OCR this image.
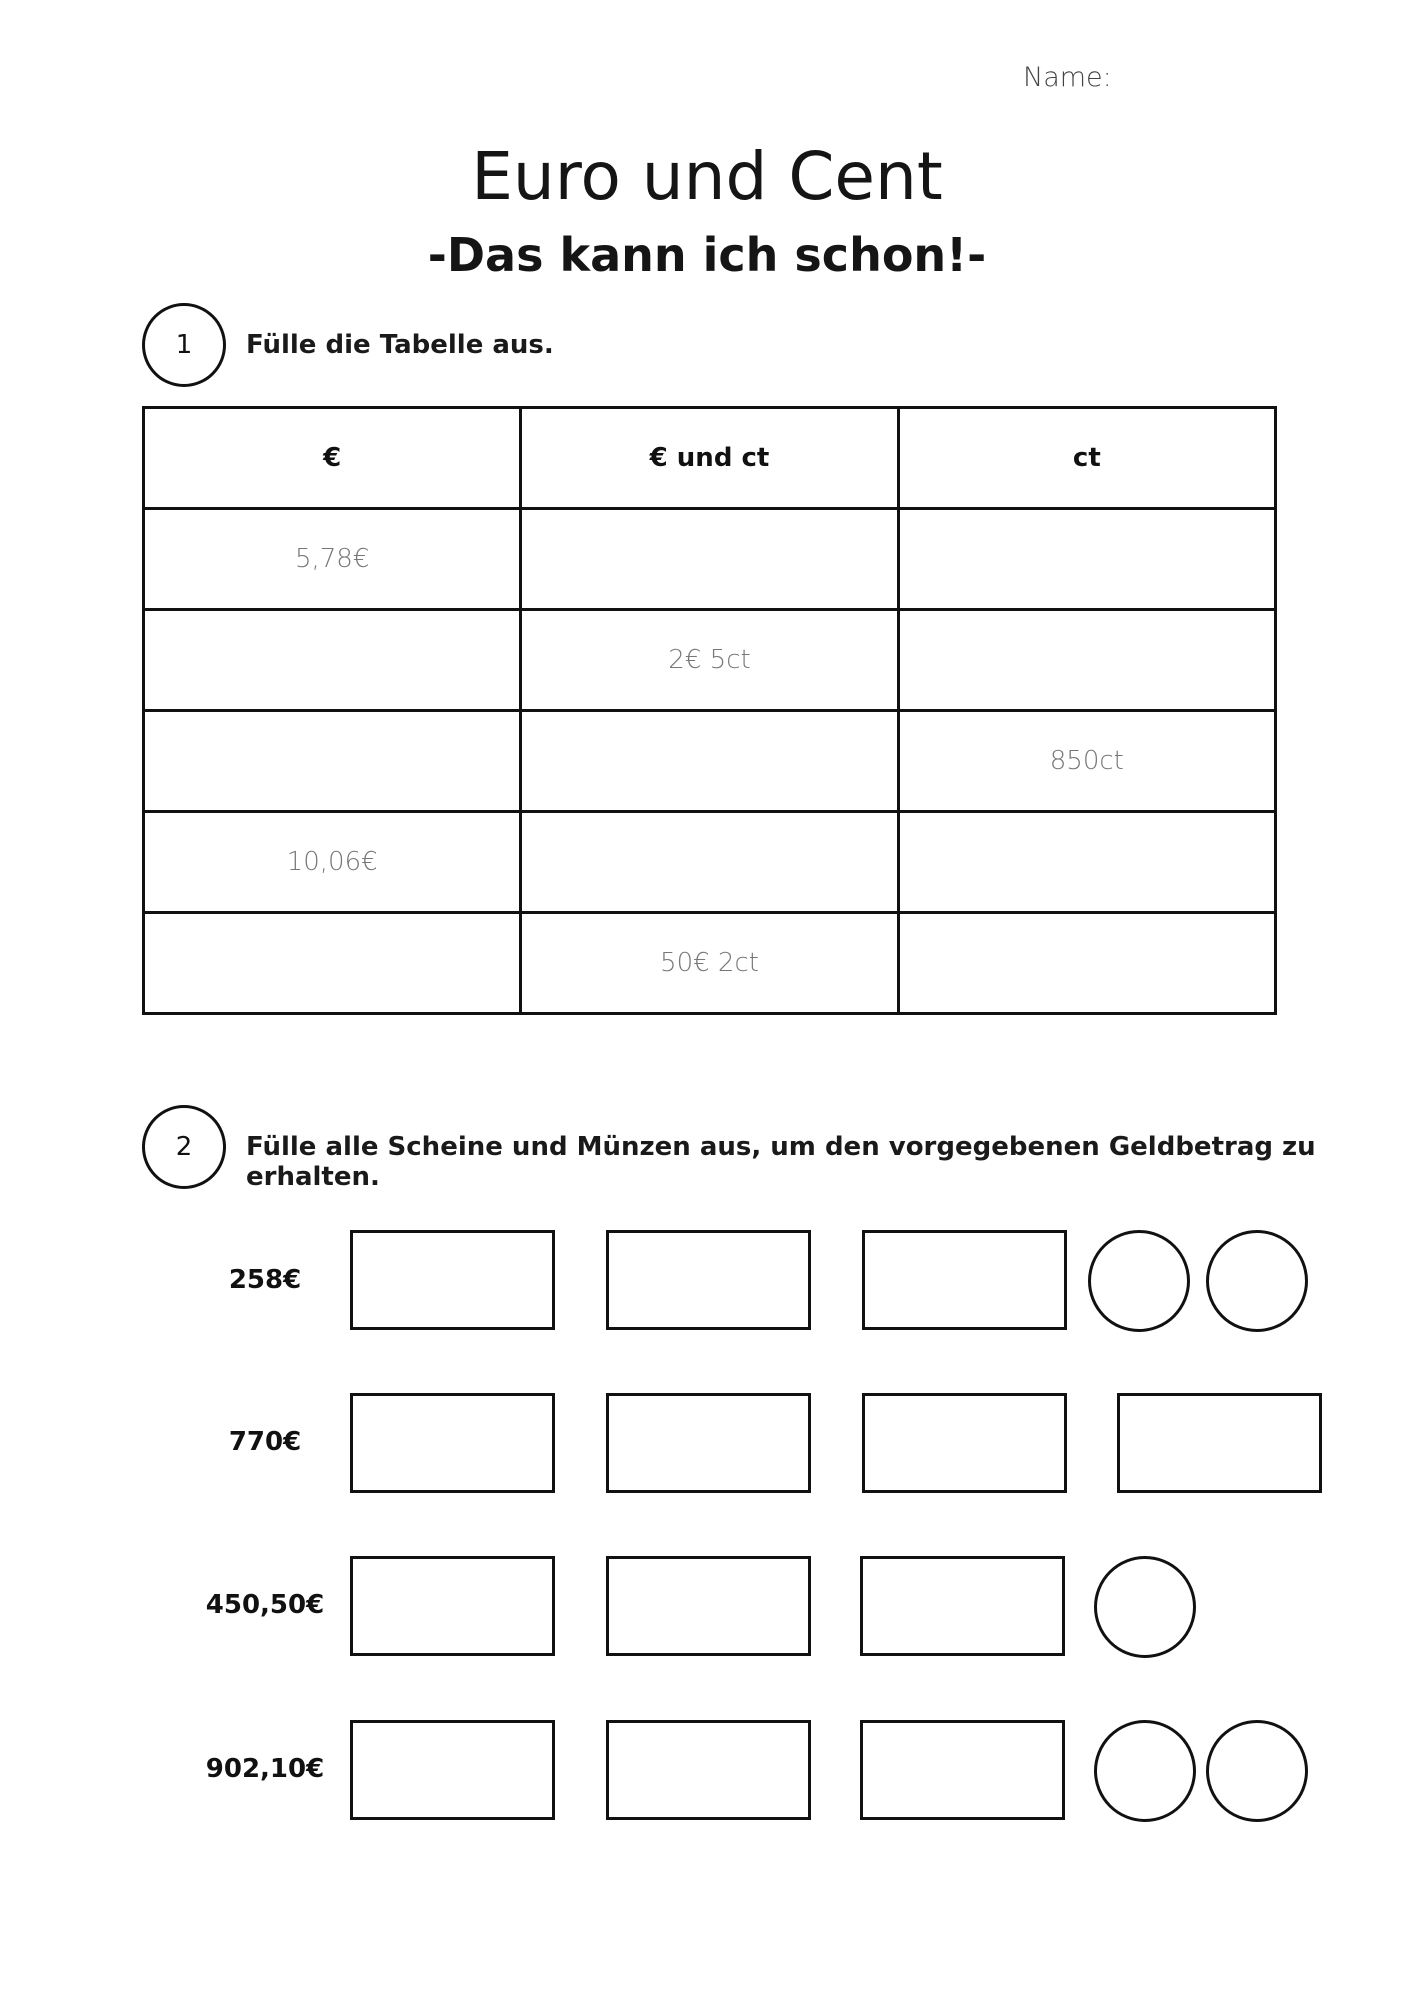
Name:
Euro und Cent
-Das kann ich schon!-
1 Fülle die Tabelle aus.
€	€ und ct	ct
5,78€		
	2€ 5ct	
		850ct
10,06€		
	50€ 2ct	
2 Fülle alle Scheine und Münzen aus, um den vorgegebenen Geldbetrag zu erhalten.
258€
770€
450,50€
902,10€
